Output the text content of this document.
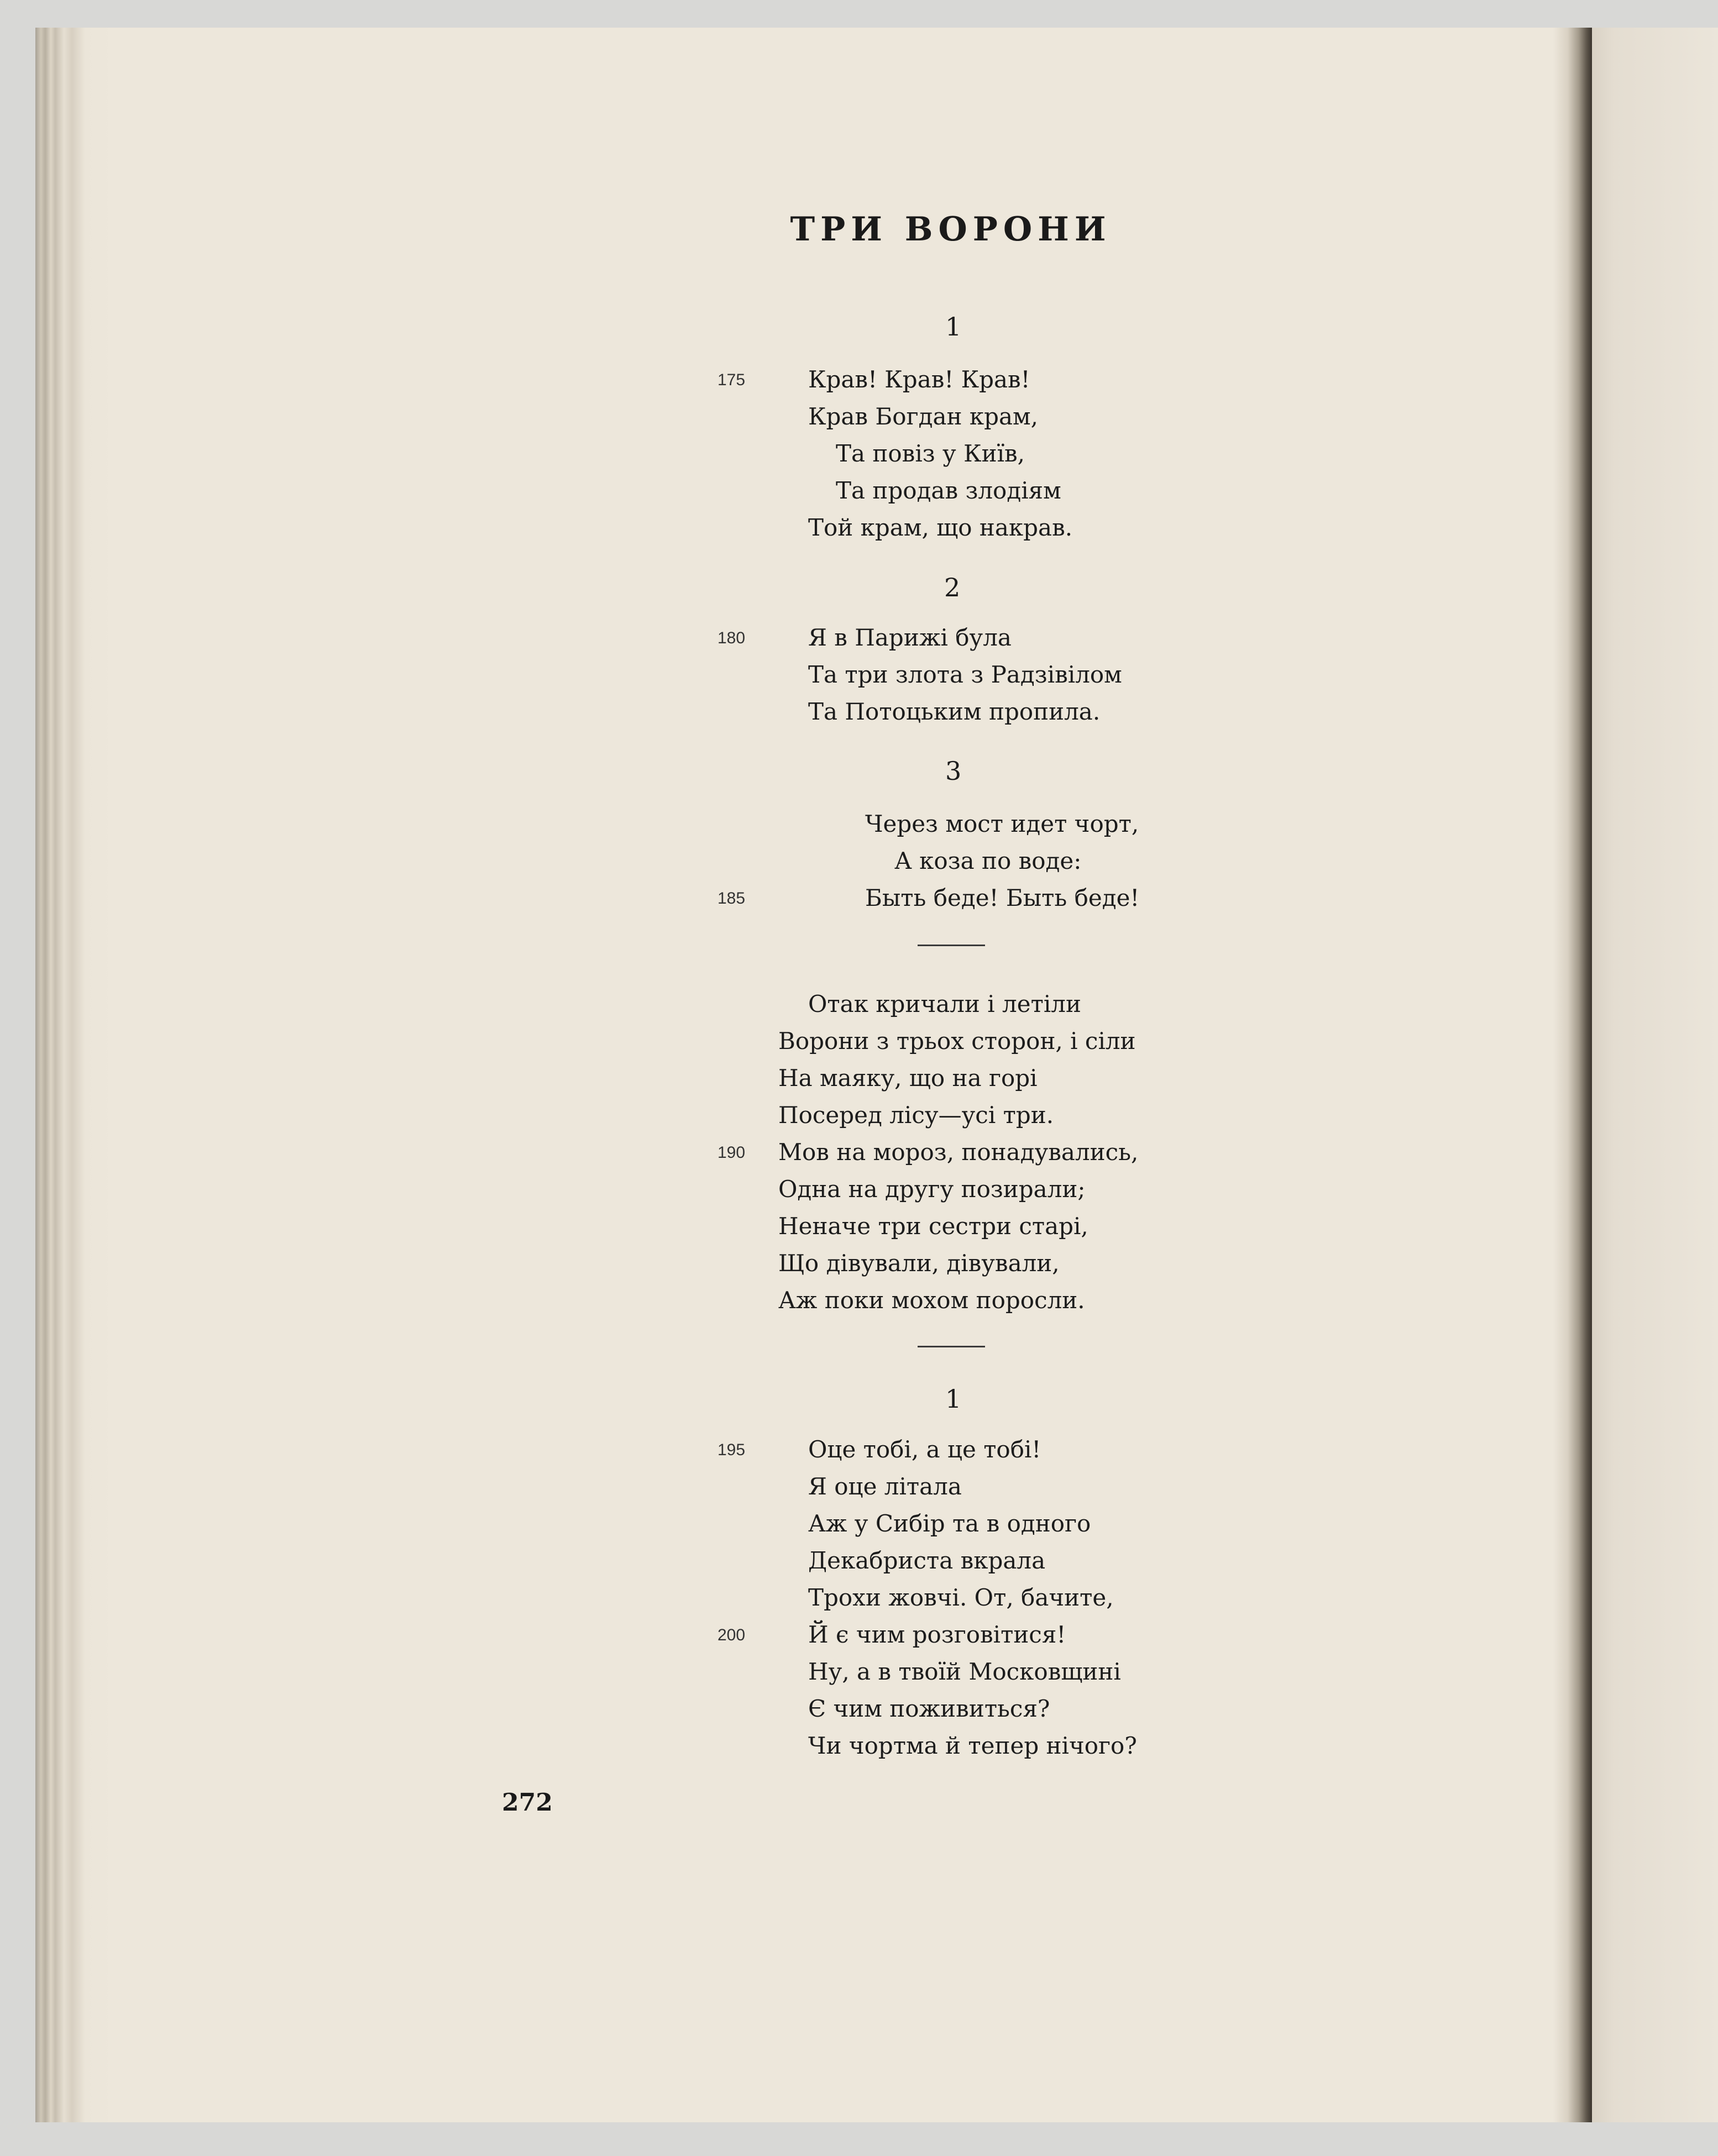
ТРИ ВОРОНИ
1
175	Крав! Крав! Крав!
Крав Богдан крам,
Та повіз у Київ,
Та продав злодіям
Той крам, що накрав.
2
180	Я в Парижі була
Та три злота з Радзівілом
Та Потоцьким пропила.
3
Через мост идет чорт,
А коза по воде:
185	Быть беде! Быть беде!
Отак кричали і летіли
Ворони з трьох сторон, і сіли
На маяку, що на горі
Посеред лісу—усі три.
190 Мов на мороз, понадувались,
Одна на другу позирали;
Неначе три сестри старі,
Що дівували, дівували,
Аж поки мохом поросли.
1
195	Оце тобі, а це тобі!
Я оце літала
Аж у Сибір та в одного
Декабриста вкрала
Трохи жовчі. От, бачите,
200	Й є чим розговітися!
Ну, а в твоїй Московщині
Є чим поживиться?
Чи чортма й тепер нічого?
272
